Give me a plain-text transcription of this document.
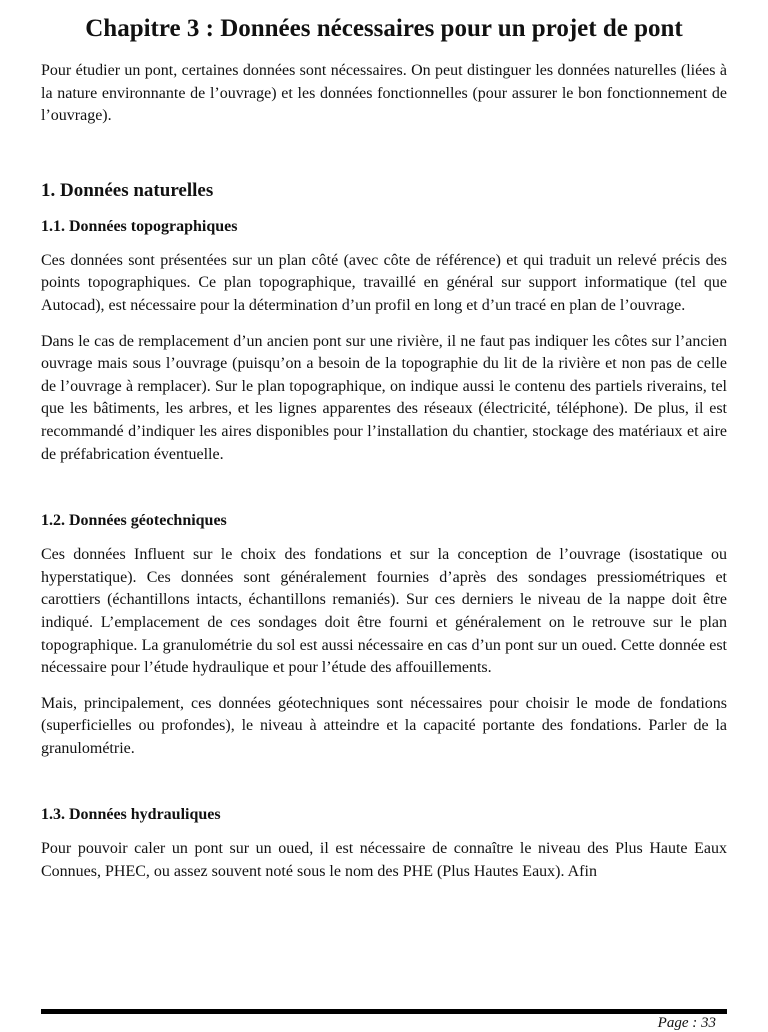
Chapitre 3 : Données nécessaires pour un projet de pont

Pour étudier un pont, certaines données sont nécessaires. On peut distinguer les données naturelles (liées à la nature environnante de l’ouvrage) et les données fonctionnelles (pour assurer le bon fonctionnement de l’ouvrage).

1. Données naturelles
1.1. Données topographiques

Ces données sont présentées sur un plan côté (avec côte de référence) et qui traduit un relevé précis des points topographiques. Ce plan topographique, travaillé en général sur support informatique (tel que Autocad), est nécessaire pour la détermination d’un profil en long et d’un tracé en plan de l’ouvrage.

Dans le cas de remplacement d’un ancien pont sur une rivière, il ne faut pas indiquer les côtes sur l’ancien ouvrage mais sous l’ouvrage (puisqu’on a besoin de la topographie du lit de la rivière et non pas de celle de l’ouvrage à remplacer). Sur le plan topographique, on indique aussi le contenu des partiels riverains, tel que les bâtiments, les arbres, et les lignes apparentes des réseaux (électricité, téléphone). De plus, il est recommandé d’indiquer les aires disponibles pour l’installation du chantier, stockage des matériaux et aire de préfabrication éventuelle.

1.2. Données géotechniques

Ces données Influent sur le choix des fondations et sur la conception de l’ouvrage (isostatique ou hyperstatique). Ces données sont généralement fournies d’après des sondages pressiométriques et carottiers (échantillons intacts, échantillons remaniés). Sur ces derniers le niveau de la nappe doit être indiqué. L’emplacement de ces sondages doit être fourni et généralement on le retrouve sur le plan topographique. La granulométrie du sol est aussi nécessaire en cas d’un pont sur un oued. Cette donnée est nécessaire pour l’étude hydraulique et pour l’étude des affouillements.

Mais, principalement, ces données géotechniques sont nécessaires pour choisir le mode de fondations (superficielles ou profondes), le niveau à atteindre et la capacité portante des fondations. Parler de la granulométrie.

1.3. Données hydrauliques

Pour pouvoir caler un pont sur un oued, il est nécessaire de connaître le niveau des Plus Haute Eaux Connues, PHEC, ou assez souvent noté sous le nom des PHE (Plus Hautes Eaux). Afin

Page : 33
